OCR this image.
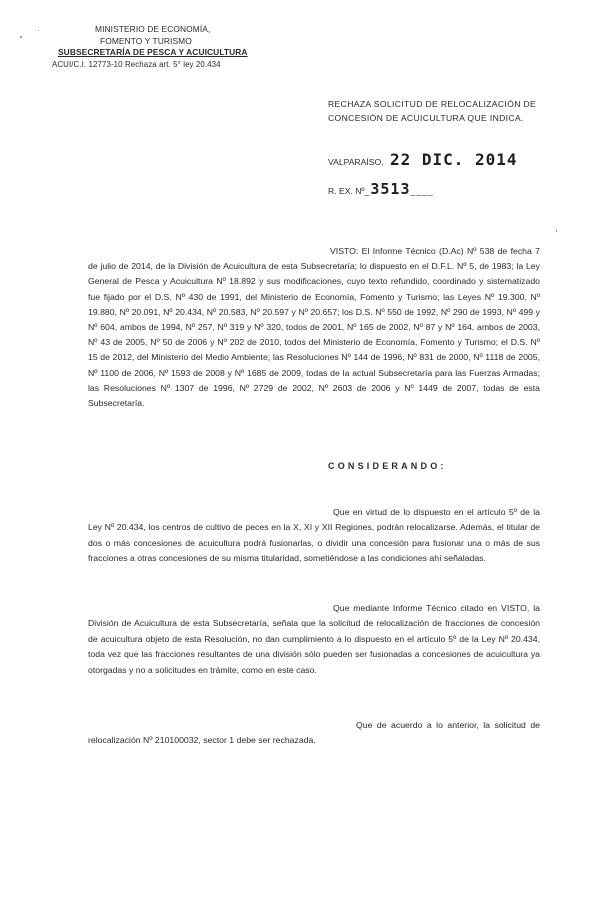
MINISTERIO DE ECONOMÍA,
FOMENTO Y TURISMO
SUBSECRETARÍA DE PESCA Y ACUICULTURA
ACUI/C.I. 12773-10 Rechaza art. 5° ley 20.434
RECHAZA SOLICITUD DE RELOCALIZACIÓN DE CONCESIÓN DE ACUICULTURA QUE INDICA.
VALPARAÍSO, 22 DIC. 2014
R. EX. Nº_3513____
VISTO: El Informe Técnico (D.Ac) Nº 538 de fecha 7 de julio de 2014, de la División de Acuicultura de esta Subsecretaría; lo dispuesto en el D.F.L. Nº 5, de 1983; la Ley General de Pesca y Acuicultura Nº 18.892 y sus modificaciones, cuyo texto refundido, coordinado y sistematizado fue fijado por el D.S. Nº 430 de 1991, del Ministerio de Economía, Fomento y Turismo; las Leyes Nº 19.300, Nº 19.880, Nº 20.091, Nº 20.434, Nº 20.583, Nº 20.597 y Nº 20.657; los D.S. Nº 550 de 1992, Nº 290 de 1993, Nº 499 y Nº 604, ambos de 1994, Nº 257, Nº 319 y Nº 320, todos de 2001, Nº 165 de 2002, Nº 87 y Nº 164, ambos de 2003, Nº 43 de 2005, Nº 50 de 2006 y Nº 202 de 2010, todos del Ministerio de Economía, Fomento y Turismo; el D.S. Nº 15 de 2012, del Ministerio del Medio Ambiente; las Resoluciones Nº 144 de 1996, Nº 831 de 2000, Nº 1118 de 2005, Nº 1100 de 2006, Nº 1593 de 2008 y Nº 1685 de 2009, todas de la actual Subsecretaría para las Fuerzas Armadas; las Resoluciones Nº 1307 de 1996, Nº 2729 de 2002, Nº 2603 de 2006 y Nº 1449 de 2007, todas de esta Subsecretaría.
CONSIDERANDO:
Que en virtud de lo dispuesto en el artículo 5º de la Ley Nº 20.434, los centros de cultivo de peces en la X, XI y XII Regiones, podrán relocalizarse. Además, el titular de dos o más concesiones de acuicultura podrá fusionarlas, o dividir una concesión para fusionar una o más de sus fracciones a otras concesiones de su misma titularidad, sometiéndose a las condiciones ahí señaladas.
Que mediante Informe Técnico citado en VISTO, la División de Acuicultura de esta Subsecretaría, señala que la solicitud de relocalización de fracciones de concesión de acuicultura objeto de esta Resolución, no dan cumplimiento a lo dispuesto en el artículo 5º de la Ley Nº 20.434, toda vez que las fracciones resultantes de una división sólo pueden ser fusionadas a concesiones de acuicultura ya otorgadas y no a solicitudes en trámite, como en este caso.
Que de acuerdo a lo anterior, la solicitud de relocalización Nº 210100032, sector 1 debe ser rechazada.
